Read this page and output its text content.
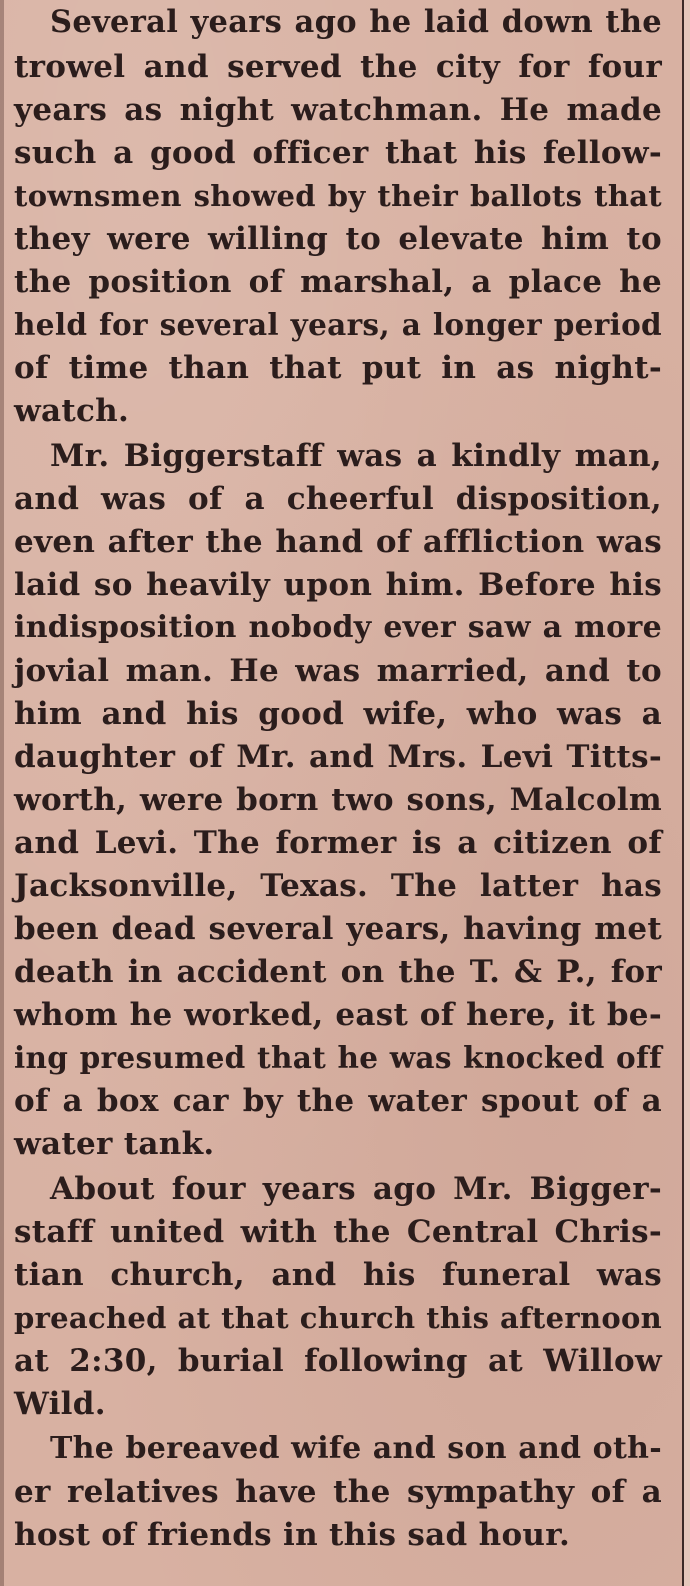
Several years ago he laid down the
trowel and served the city for four
years as night watchman. He made
such a good officer that his fellow-
townsmen showed by their ballots that
they were willing to elevate him to
the position of marshal, a place he
held for several years, a longer period
of time than that put in as night-
watch.
Mr. Biggerstaff was a kindly man,
and was of a cheerful disposition,
even after the hand of affliction was
laid so heavily upon him. Before his
indisposition nobody ever saw a more
jovial man. He was married, and to
him and his good wife, who was a
daughter of Mr. and Mrs. Levi Titts-
worth, were born two sons, Malcolm
and Levi. The former is a citizen of
Jacksonville, Texas. The latter has
been dead several years, having met
death in accident on the T. & P., for
whom he worked, east of here, it be-
ing presumed that he was knocked off
of a box car by the water spout of a
water tank.
About four years ago Mr. Bigger-
staff united with the Central Chris-
tian church, and his funeral was
preached at that church this afternoon
at 2:30, burial following at Willow
Wild.
The bereaved wife and son and oth-
er relatives have the sympathy of a
host of friends in this sad hour.
